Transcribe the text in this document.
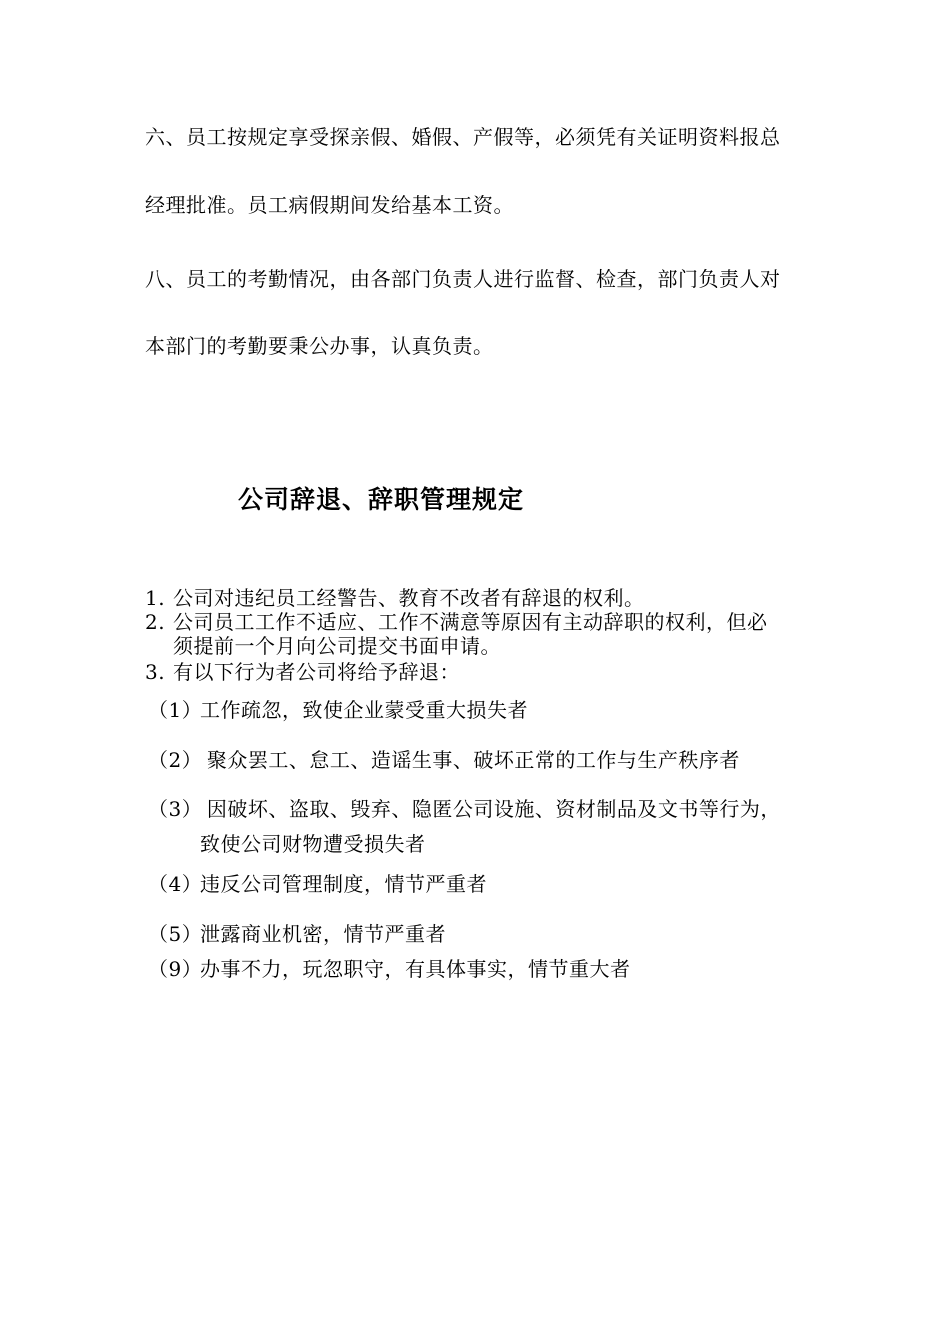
六、员工按规定享受探亲假、婚假、产假等，必须凭有关证明资料报总
经理批准。员工病假期间发给基本工资。
八、员工的考勤情况，由各部门负责人进行监督、检查，部门负责人对
本部门的考勤要秉公办事，认真负责。
公司辞退、辞职管理规定
1. 公司对违纪员工经警告、教育不改者有辞退的权利。
2. 公司员工工作不适应、工作不满意等原因有主动辞职的权利，但必
须提前一个月向公司提交书面申请。
3. 有以下行为者公司将给予辞退：
（1）工作疏忽，致使企业蒙受重大损失者
（2） 聚众罢工、怠工、造谣生事、破坏正常的工作与生产秩序者
（3） 因破坏、盗取、毁弃、隐匿公司设施、资材制品及文书等行为，
致使公司财物遭受损失者
（4）违反公司管理制度，情节严重者
（5）泄露商业机密，情节严重者
（9）办事不力，玩忽职守，有具体事实，情节重大者
